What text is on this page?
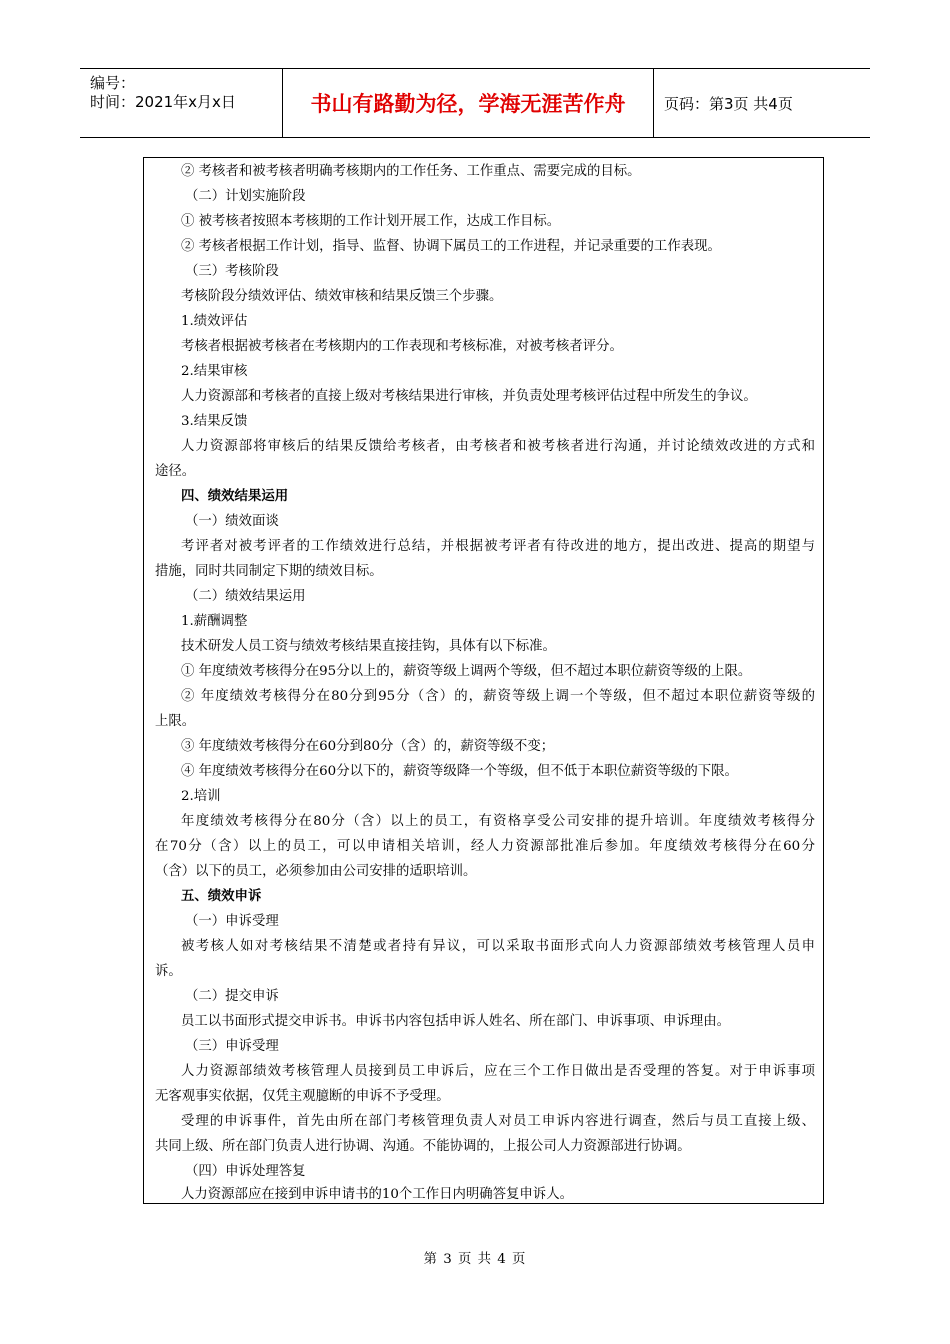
编号：
时间：2021年x月x日	书山有路勤为径，学海无涯苦作舟	页码：第3页 共4页
② 考核者和被考核者明确考核期内的工作任务、工作重点、需要完成的目标。
（二）计划实施阶段
① 被考核者按照本考核期的工作计划开展工作，达成工作目标。
② 考核者根据工作计划，指导、监督、协调下属员工的工作进程，并记录重要的工作表现。
（三）考核阶段
考核阶段分绩效评估、绩效审核和结果反馈三个步骤。
1.绩效评估
考核者根据被考核者在考核期内的工作表现和考核标准，对被考核者评分。
2.结果审核
人力资源部和考核者的直接上级对考核结果进行审核，并负责处理考核评估过程中所发生的争议。
3.结果反馈
人力资源部将审核后的结果反馈给考核者，由考核者和被考核者进行沟通，并讨论绩效改进的方式和
途径。
四、绩效结果运用
（一）绩效面谈
考评者对被考评者的工作绩效进行总结，并根据被考评者有待改进的地方，提出改进、提高的期望与
措施，同时共同制定下期的绩效目标。
（二）绩效结果运用
1.薪酬调整
技术研发人员工资与绩效考核结果直接挂钩，具体有以下标准。
① 年度绩效考核得分在95分以上的，薪资等级上调两个等级，但不超过本职位薪资等级的上限。
② 年度绩效考核得分在80分到95分（含）的，薪资等级上调一个等级，但不超过本职位薪资等级的
上限。
③ 年度绩效考核得分在60分到80分（含）的，薪资等级不变；
④ 年度绩效考核得分在60分以下的，薪资等级降一个等级，但不低于本职位薪资等级的下限。
2.培训
年度绩效考核得分在80分（含）以上的员工，有资格享受公司安排的提升培训。年度绩效考核得分
在70分（含）以上的员工，可以申请相关培训，经人力资源部批准后参加。年度绩效考核得分在60分
（含）以下的员工，必须参加由公司安排的适职培训。
五、绩效申诉
（一）申诉受理
被考核人如对考核结果不清楚或者持有异议，可以采取书面形式向人力资源部绩效考核管理人员申
诉。
（二）提交申诉
员工以书面形式提交申诉书。申诉书内容包括申诉人姓名、所在部门、申诉事项、申诉理由。
（三）申诉受理
人力资源部绩效考核管理人员接到员工申诉后，应在三个工作日做出是否受理的答复。对于申诉事项
无客观事实依据，仅凭主观臆断的申诉不予受理。
受理的申诉事件，首先由所在部门考核管理负责人对员工申诉内容进行调查，然后与员工直接上级、
共同上级、所在部门负责人进行协调、沟通。不能协调的，上报公司人力资源部进行协调。
（四）申诉处理答复
人力资源部应在接到申诉申请书的10个工作日内明确答复申诉人。
第 3 页 共 4 页
